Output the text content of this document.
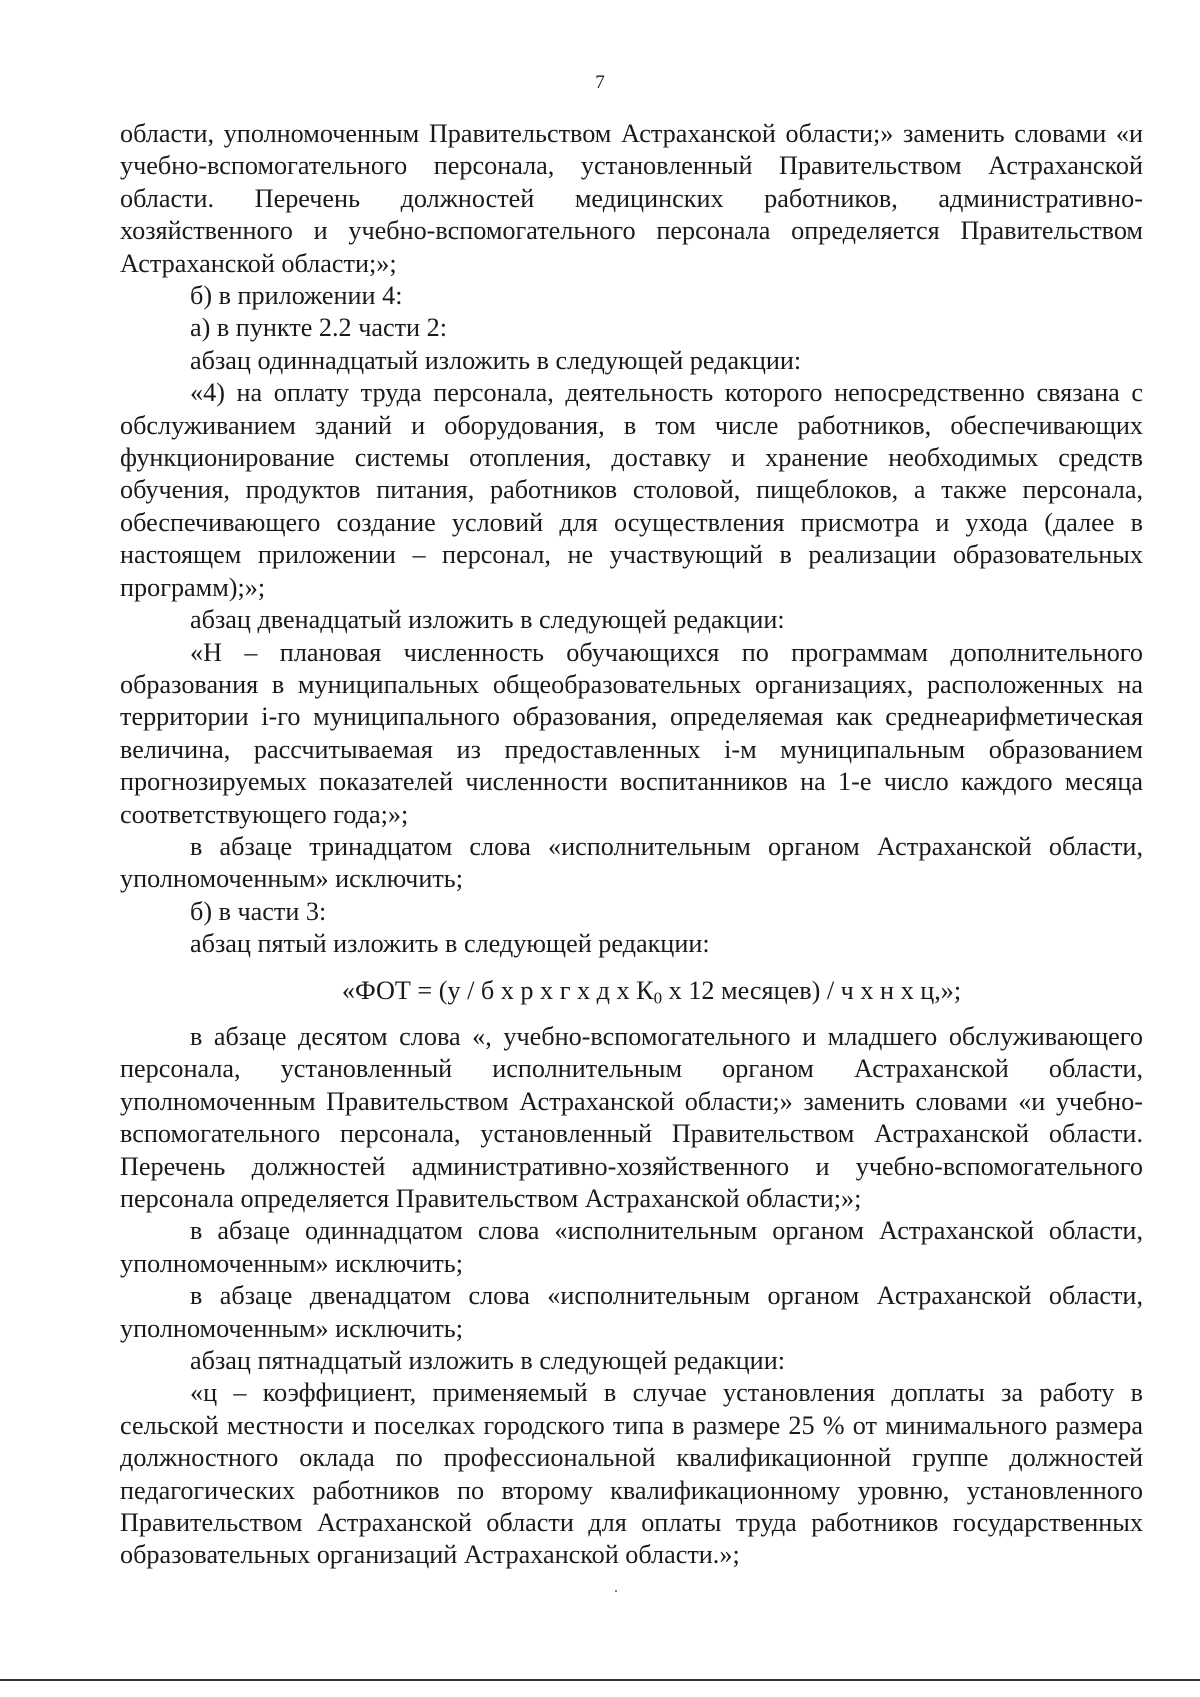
7

области, уполномоченным Правительством Астраханской области;» заменить словами «и учебно-вспомогательного персонала, установленный Правительством Астраханской области. Перечень должностей медицинских работников, административно-хозяйственного и учебно-вспомогательного персонала определяется Правительством Астраханской области;»;

б) в приложении 4:

а) в пункте 2.2 части 2:

абзац одиннадцатый изложить в следующей редакции:

«4) на оплату труда персонала, деятельность которого непосредственно связана с обслуживанием зданий и оборудования, в том числе работников, обеспечивающих функционирование системы отопления, доставку и хранение необходимых средств обучения, продуктов питания, работников столовой, пищеблоков, а также персонала, обеспечивающего создание условий для осуществления присмотра и ухода (далее в настоящем приложении – персонал, не участвующий в реализации образовательных программ);»;

абзац двенадцатый изложить в следующей редакции:

«Н – плановая численность обучающихся по программам дополнительного образования в муниципальных общеобразовательных организациях, расположенных на территории i-го муниципального образования, определяемая как среднеарифметическая величина, рассчитываемая из предоставленных i-м муниципальным образованием прогнозируемых показателей численности воспитанников на 1-е число каждого месяца соответствующего года;»;

в абзаце тринадцатом слова «исполнительным органом Астраханской области, уполномоченным» исключить;

б) в части 3:

абзац пятый изложить в следующей редакции:

«ФОТ = (у / б х р х г х д х $К_0$ х 12 месяцев) / ч х н х ц,»;

в абзаце десятом слова «, учебно-вспомогательного и младшего обслуживающего персонала, установленный исполнительным органом Астраханской области, уполномоченным Правительством Астраханской области;» заменить словами «и учебно-вспомогательного персонала, установленный Правительством Астраханской области. Перечень должностей административно-хозяйственного и учебно-вспомогательного персонала определяется Правительством Астраханской области;»;

в абзаце одиннадцатом слова «исполнительным органом Астраханской области, уполномоченным» исключить;

в абзаце двенадцатом слова «исполнительным органом Астраханской области, уполномоченным» исключить;

абзац пятнадцатый изложить в следующей редакции:

«ц – коэффициент, применяемый в случае установления доплаты за работу в сельской местности и поселках городского типа в размере 25 % от минимального размера должностного оклада по профессиональной квалификационной группе должностей педагогических работников по второму квалификационному уровню, установленного Правительством Астраханской области для оплаты труда работников государственных образовательных организаций Астраханской области.»;
